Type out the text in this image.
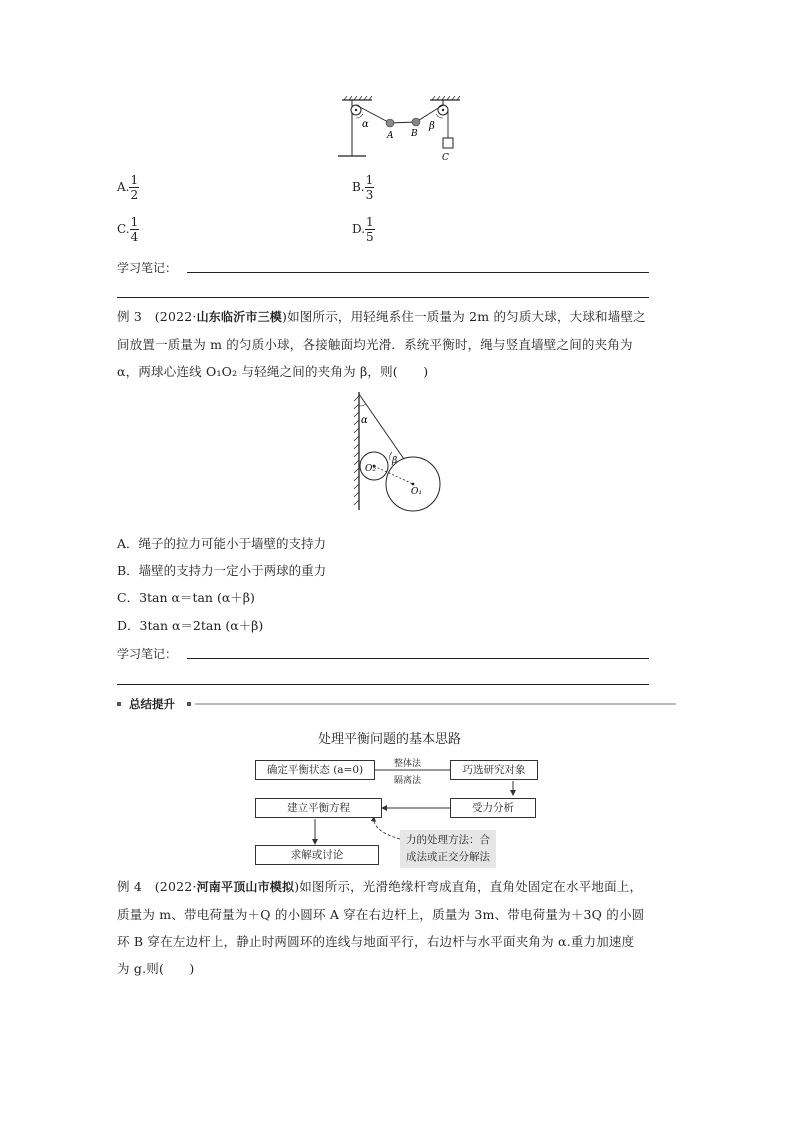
α	β
A B
C
A. $\frac{1}{2}$	B. $\frac{1}{3}$
C. $\frac{1}{4}$	D. $\frac{1}{5}$
学习笔记：
例 3　 (2022·山东临沂市三模)如图所示，用轻绳系住一质量为 2m 的匀质大球，大球和墙壁之
间放置一质量为 m 的匀质小球，各接触面均光滑．系统平衡时，绳与竖直墙壁之间的夹角为
α，两球心连线 O₁O₂ 与轻绳之间的夹角为 β，则(　　)
α
β
O₂
O₁
A．绳子的拉力可能小于墙壁的支持力
B．墙壁的支持力一定小于两球的重力
C．3tan α＝tan (α＋β)
D．3tan α＝2tan (α＋β)
学习笔记：
总结提升
处理平衡问题的基本思路
确定平衡状态 (a=0)	整体法
隔离法
巧选研究对象
受力分析
建立平衡方程
求解或讨论
力的处理方法：合
成法或正交分解法
例 4　 (2022·河南平顶山市模拟)如图所示，光滑绝缘杆弯成直角，直角处固定在水平地面上，
质量为 m、带电荷量为＋Q 的小圆环 A 穿在右边杆上，质量为 3m、带电荷量为＋3Q 的小圆
环 B 穿在左边杆上，静止时两圆环的连线与地面平行，右边杆与水平面夹角为 α.重力加速度
为 g.则(　　)
